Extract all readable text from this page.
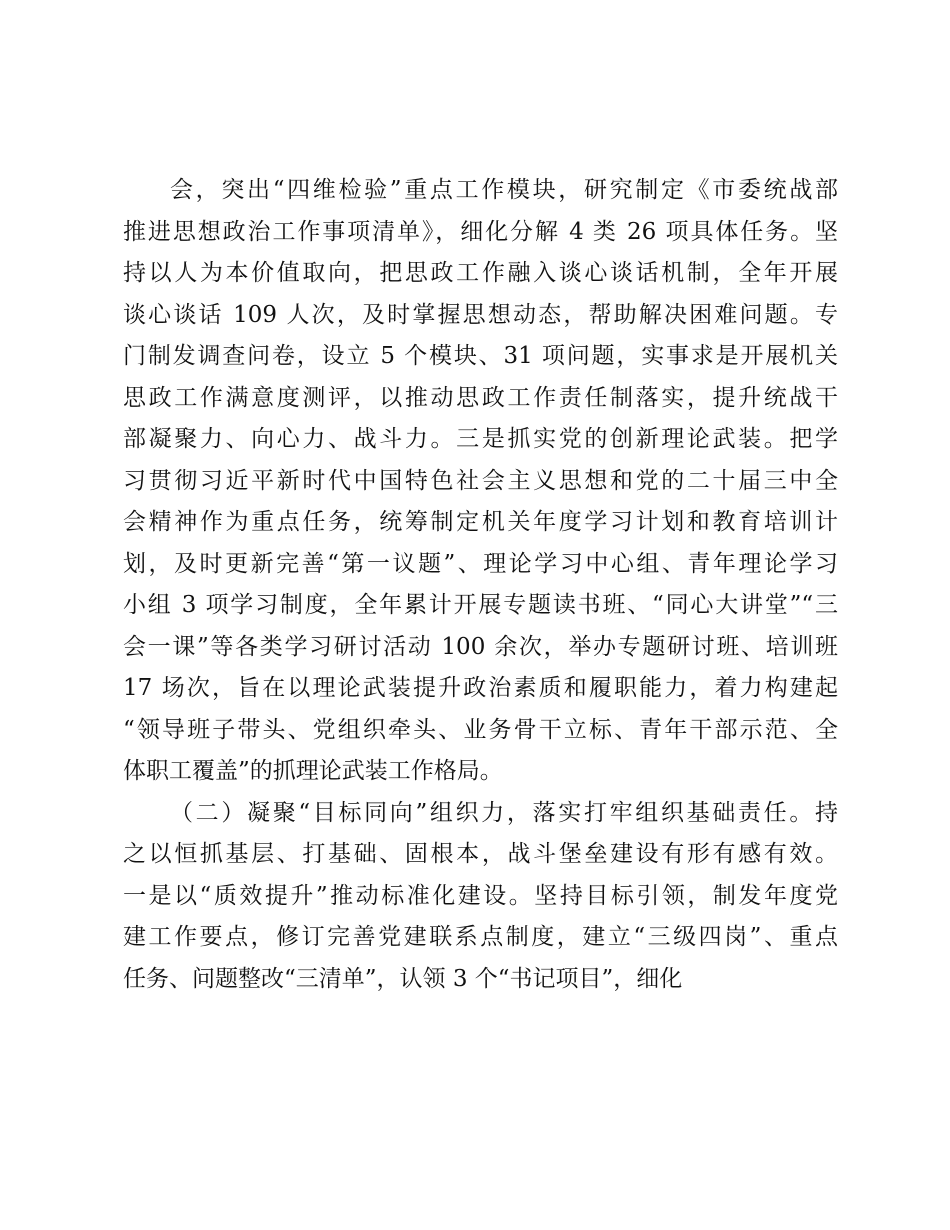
会，突出“四维检验”重点工作模块，研究制定《市委统战部
推进思想政治工作事项清单》，细化分解 4 类 26 项具体任务。坚
持以人为本价值取向，把思政工作融入谈心谈话机制，全年开展
谈心谈话 109 人次，及时掌握思想动态，帮助解决困难问题。专
门制发调查问卷，设立 5 个模块、31 项问题，实事求是开展机关
思政工作满意度测评，以推动思政工作责任制落实，提升统战干
部凝聚力、向心力、战斗力。三是抓实党的创新理论武装。把学
习贯彻习近平新时代中国特色社会主义思想和党的二十届三中全
会精神作为重点任务，统筹制定机关年度学习计划和教育培训计
划，及时更新完善“第一议题”、理论学习中心组、青年理论学习
小组 3 项学习制度，全年累计开展专题读书班、“同心大讲堂”“三
会一课”等各类学习研讨活动 100 余次，举办专题研讨班、培训班
17 场次，旨在以理论武装提升政治素质和履职能力，着力构建起
“领导班子带头、党组织牵头、业务骨干立标、青年干部示范、全
体职工覆盖”的抓理论武装工作格局。
（二）凝聚“目标同向”组织力，落实打牢组织基础责任。持
之以恒抓基层、打基础、固根本，战斗堡垒建设有形有感有效。
一是以“质效提升”推动标准化建设。坚持目标引领，制发年度党
建工作要点，修订完善党建联系点制度，建立“三级四岗”、重点
任务、问题整改“三清单”，认领 3 个“书记项目”，细化
